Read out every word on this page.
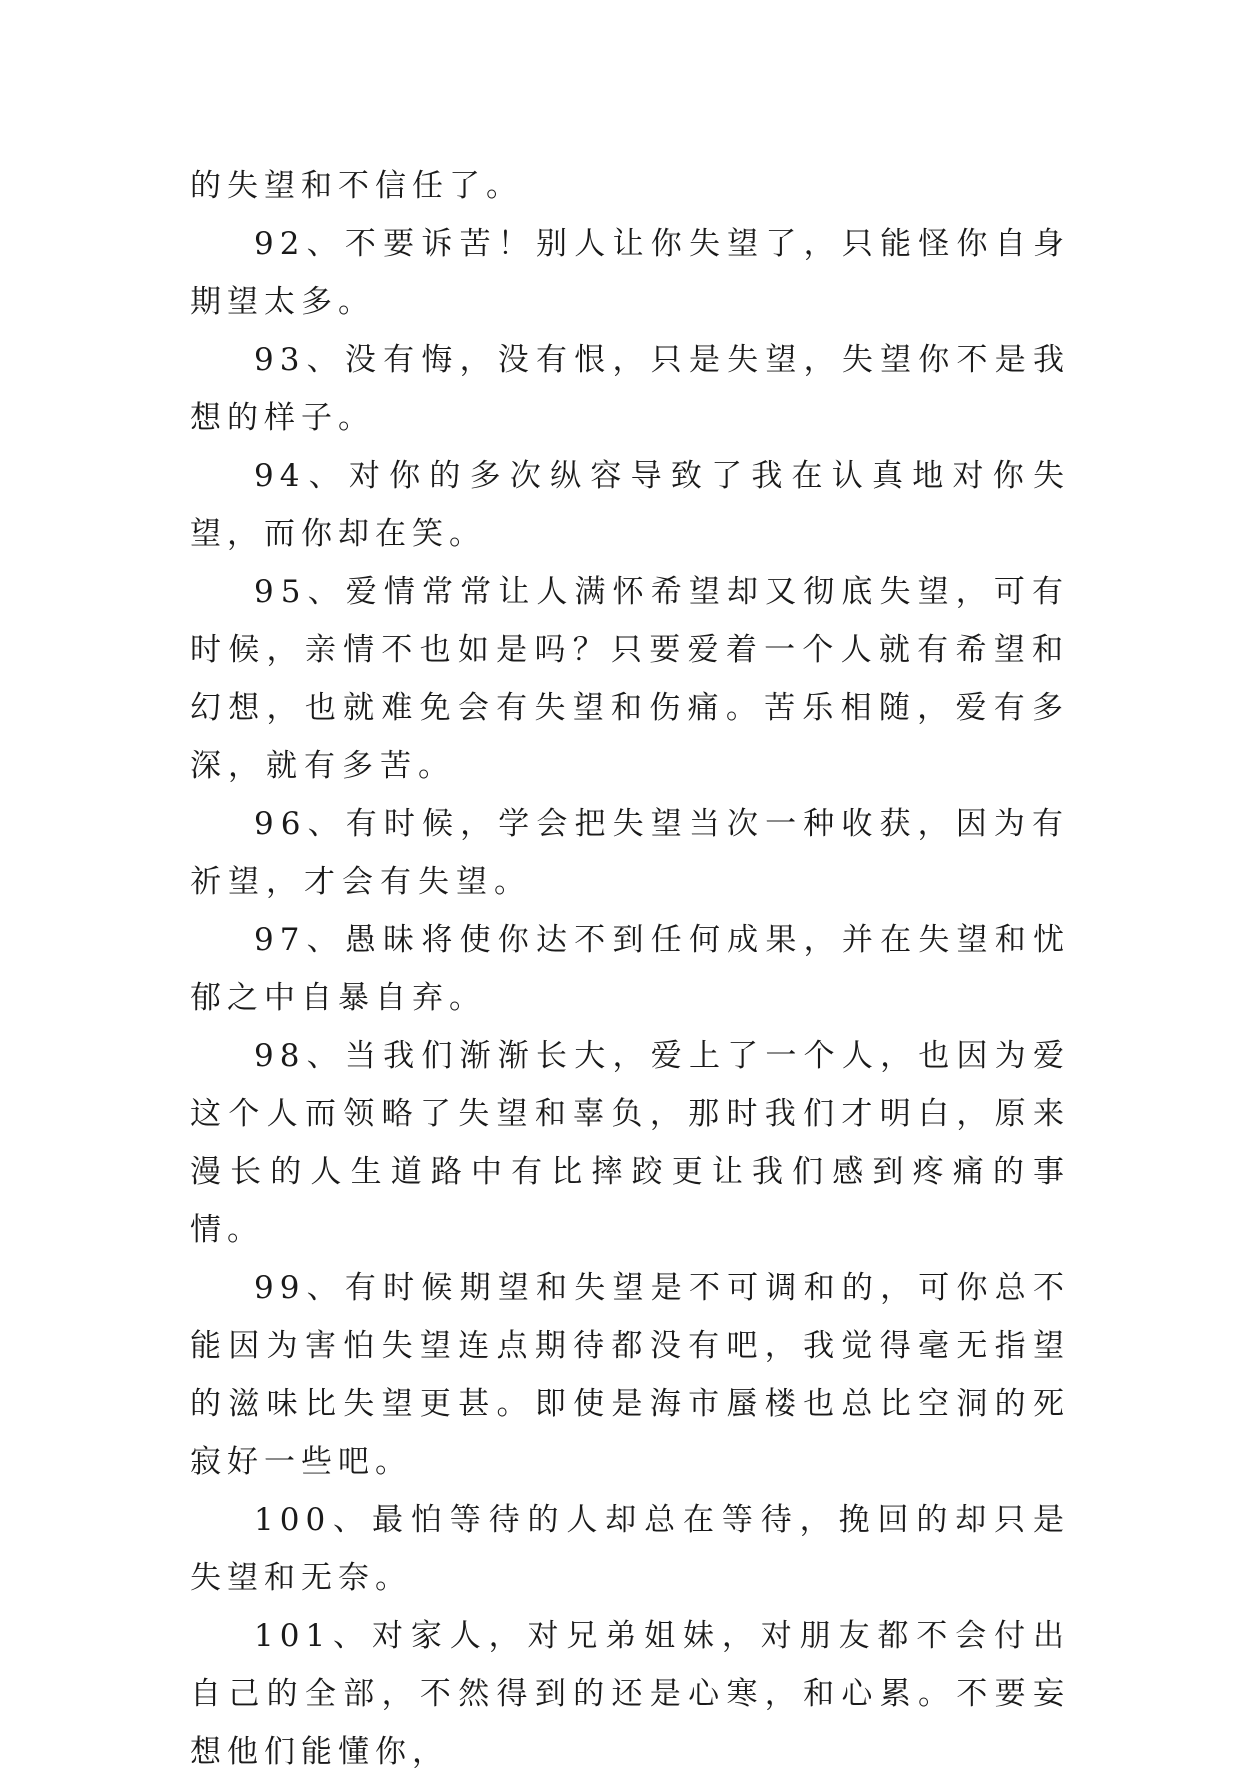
的失望和不信任了。

92、不要诉苦！别人让你失望了，只能怪你自身期望太多。

93、没有悔，没有恨，只是失望，失望你不是我想的样子。

94、对你的多次纵容导致了我在认真地对你失望，而你却在笑。

95、爱情常常让人满怀希望却又彻底失望，可有时候，亲情不也如是吗？只要爱着一个人就有希望和幻想，也就难免会有失望和伤痛。苦乐相随，爱有多深，就有多苦。

96、有时候，学会把失望当次一种收获，因为有祈望，才会有失望。

97、愚昧将使你达不到任何成果，并在失望和忧郁之中自暴自弃。

98、当我们渐渐长大，爱上了一个人，也因为爱这个人而领略了失望和辜负，那时我们才明白，原来漫长的人生道路中有比摔跤更让我们感到疼痛的事情。

99、有时候期望和失望是不可调和的，可你总不能因为害怕失望连点期待都没有吧，我觉得毫无指望的滋味比失望更甚。即使是海市蜃楼也总比空洞的死寂好一些吧。

100、最怕等待的人却总在等待，挽回的却只是失望和无奈。

101、对家人，对兄弟姐妹，对朋友都不会付出自己的全部，不然得到的还是心寒，和心累。不要妄想他们能懂你，
